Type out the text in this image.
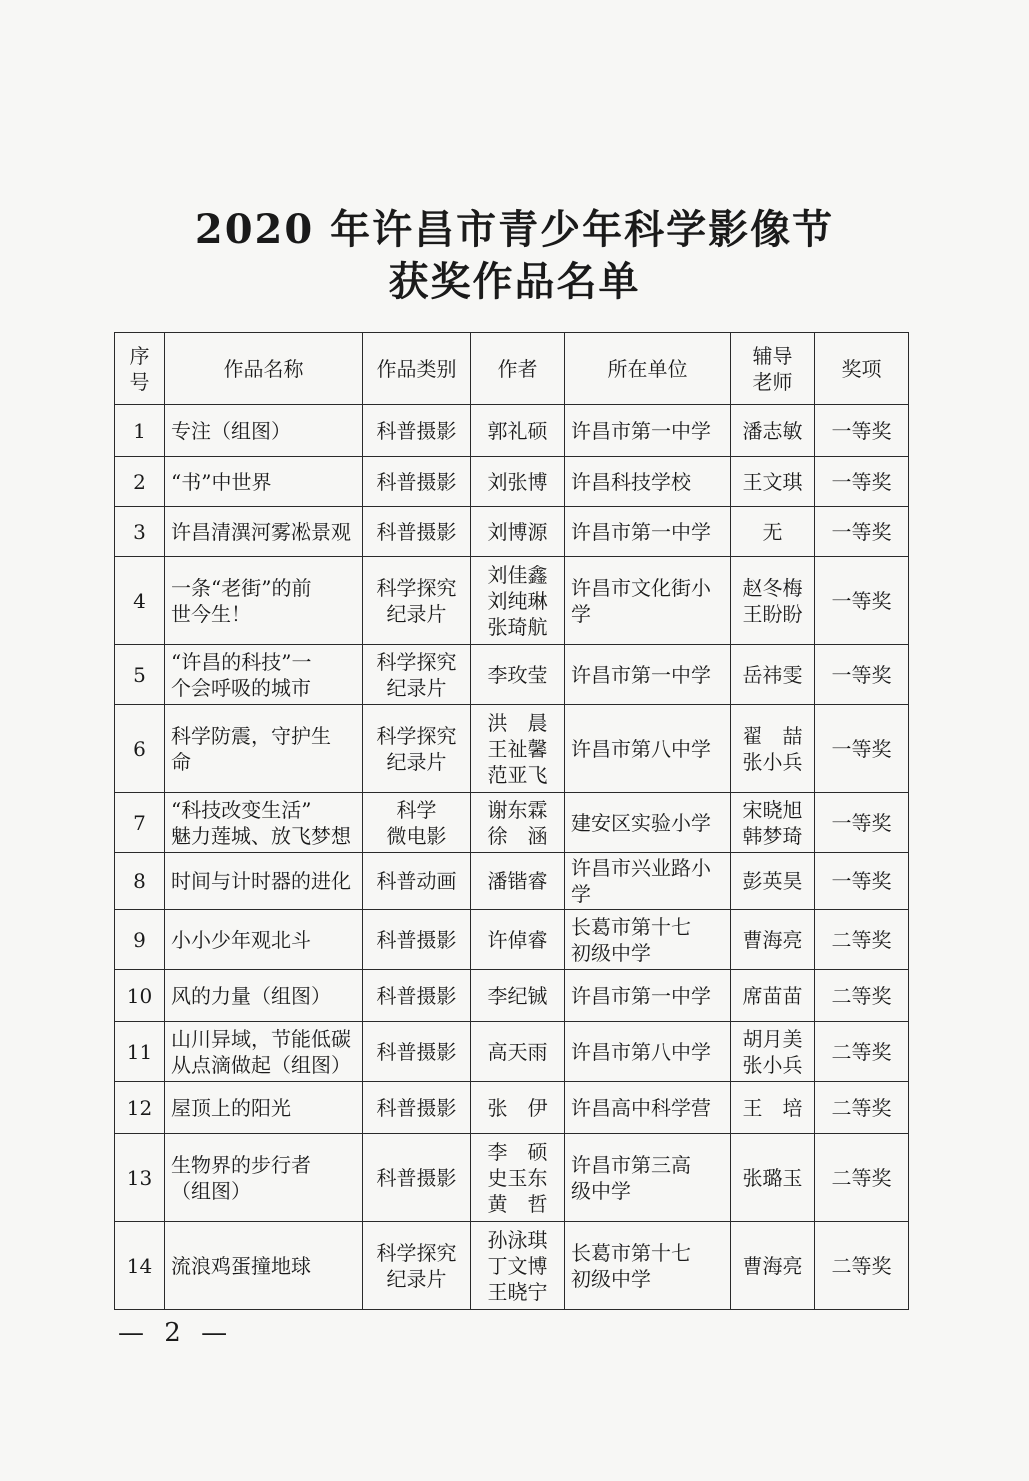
2020 年许昌市青少年科学影像节
获奖作品名单
序
号	作品名称	作品类别	作者	所在单位	辅导
老师	奖项
1	专注（组图）	科普摄影	郭礼硕	许昌市第一中学	潘志敏	一等奖
2	“书”中世界	科普摄影	刘张博	许昌科技学校	王文琪	一等奖
3	许昌清潩河雾凇景观	科普摄影	刘博源	许昌市第一中学	无	一等奖
4	一条“老街”的前
世今生！	科学探究
纪录片	刘佳鑫
刘纯琳
张琦航	许昌市文化街小学	赵冬梅
王盼盼	一等奖
5	“许昌的科技”一
个会呼吸的城市	科学探究
纪录片	李玫莹	许昌市第一中学	岳祎雯	一等奖
6	科学防震，守护生
命	科学探究
纪录片	洪　晨
王祉馨
范亚飞	许昌市第八中学	翟　喆
张小兵	一等奖
7	“科技改变生活”
魅力莲城、放飞梦想	科学
微电影	谢东霖
徐　涵	建安区实验小学	宋晓旭
韩梦琦	一等奖
8	时间与计时器的进化	科普动画	潘锴睿	许昌市兴业路小学	彭英昊	一等奖
9	小小少年观北斗	科普摄影	许倬睿	长葛市第十七
初级中学	曹海亮	二等奖
10	风的力量（组图）	科普摄影	李纪铖	许昌市第一中学	席苗苗	二等奖
11	山川异域，节能低碳
从点滴做起（组图）	科普摄影	高天雨	许昌市第八中学	胡月美
张小兵	二等奖
12	屋顶上的阳光	科普摄影	张　伊	许昌高中科学营	王　培	二等奖
13	生物界的步行者
（组图）	科普摄影	李　硕
史玉东
黄　哲	许昌市第三高
级中学	张璐玉	二等奖
14	流浪鸡蛋撞地球	科学探究
纪录片	孙泳琪
丁文博
王晓宁	长葛市第十七
初级中学	曹海亮	二等奖
— 2 —
